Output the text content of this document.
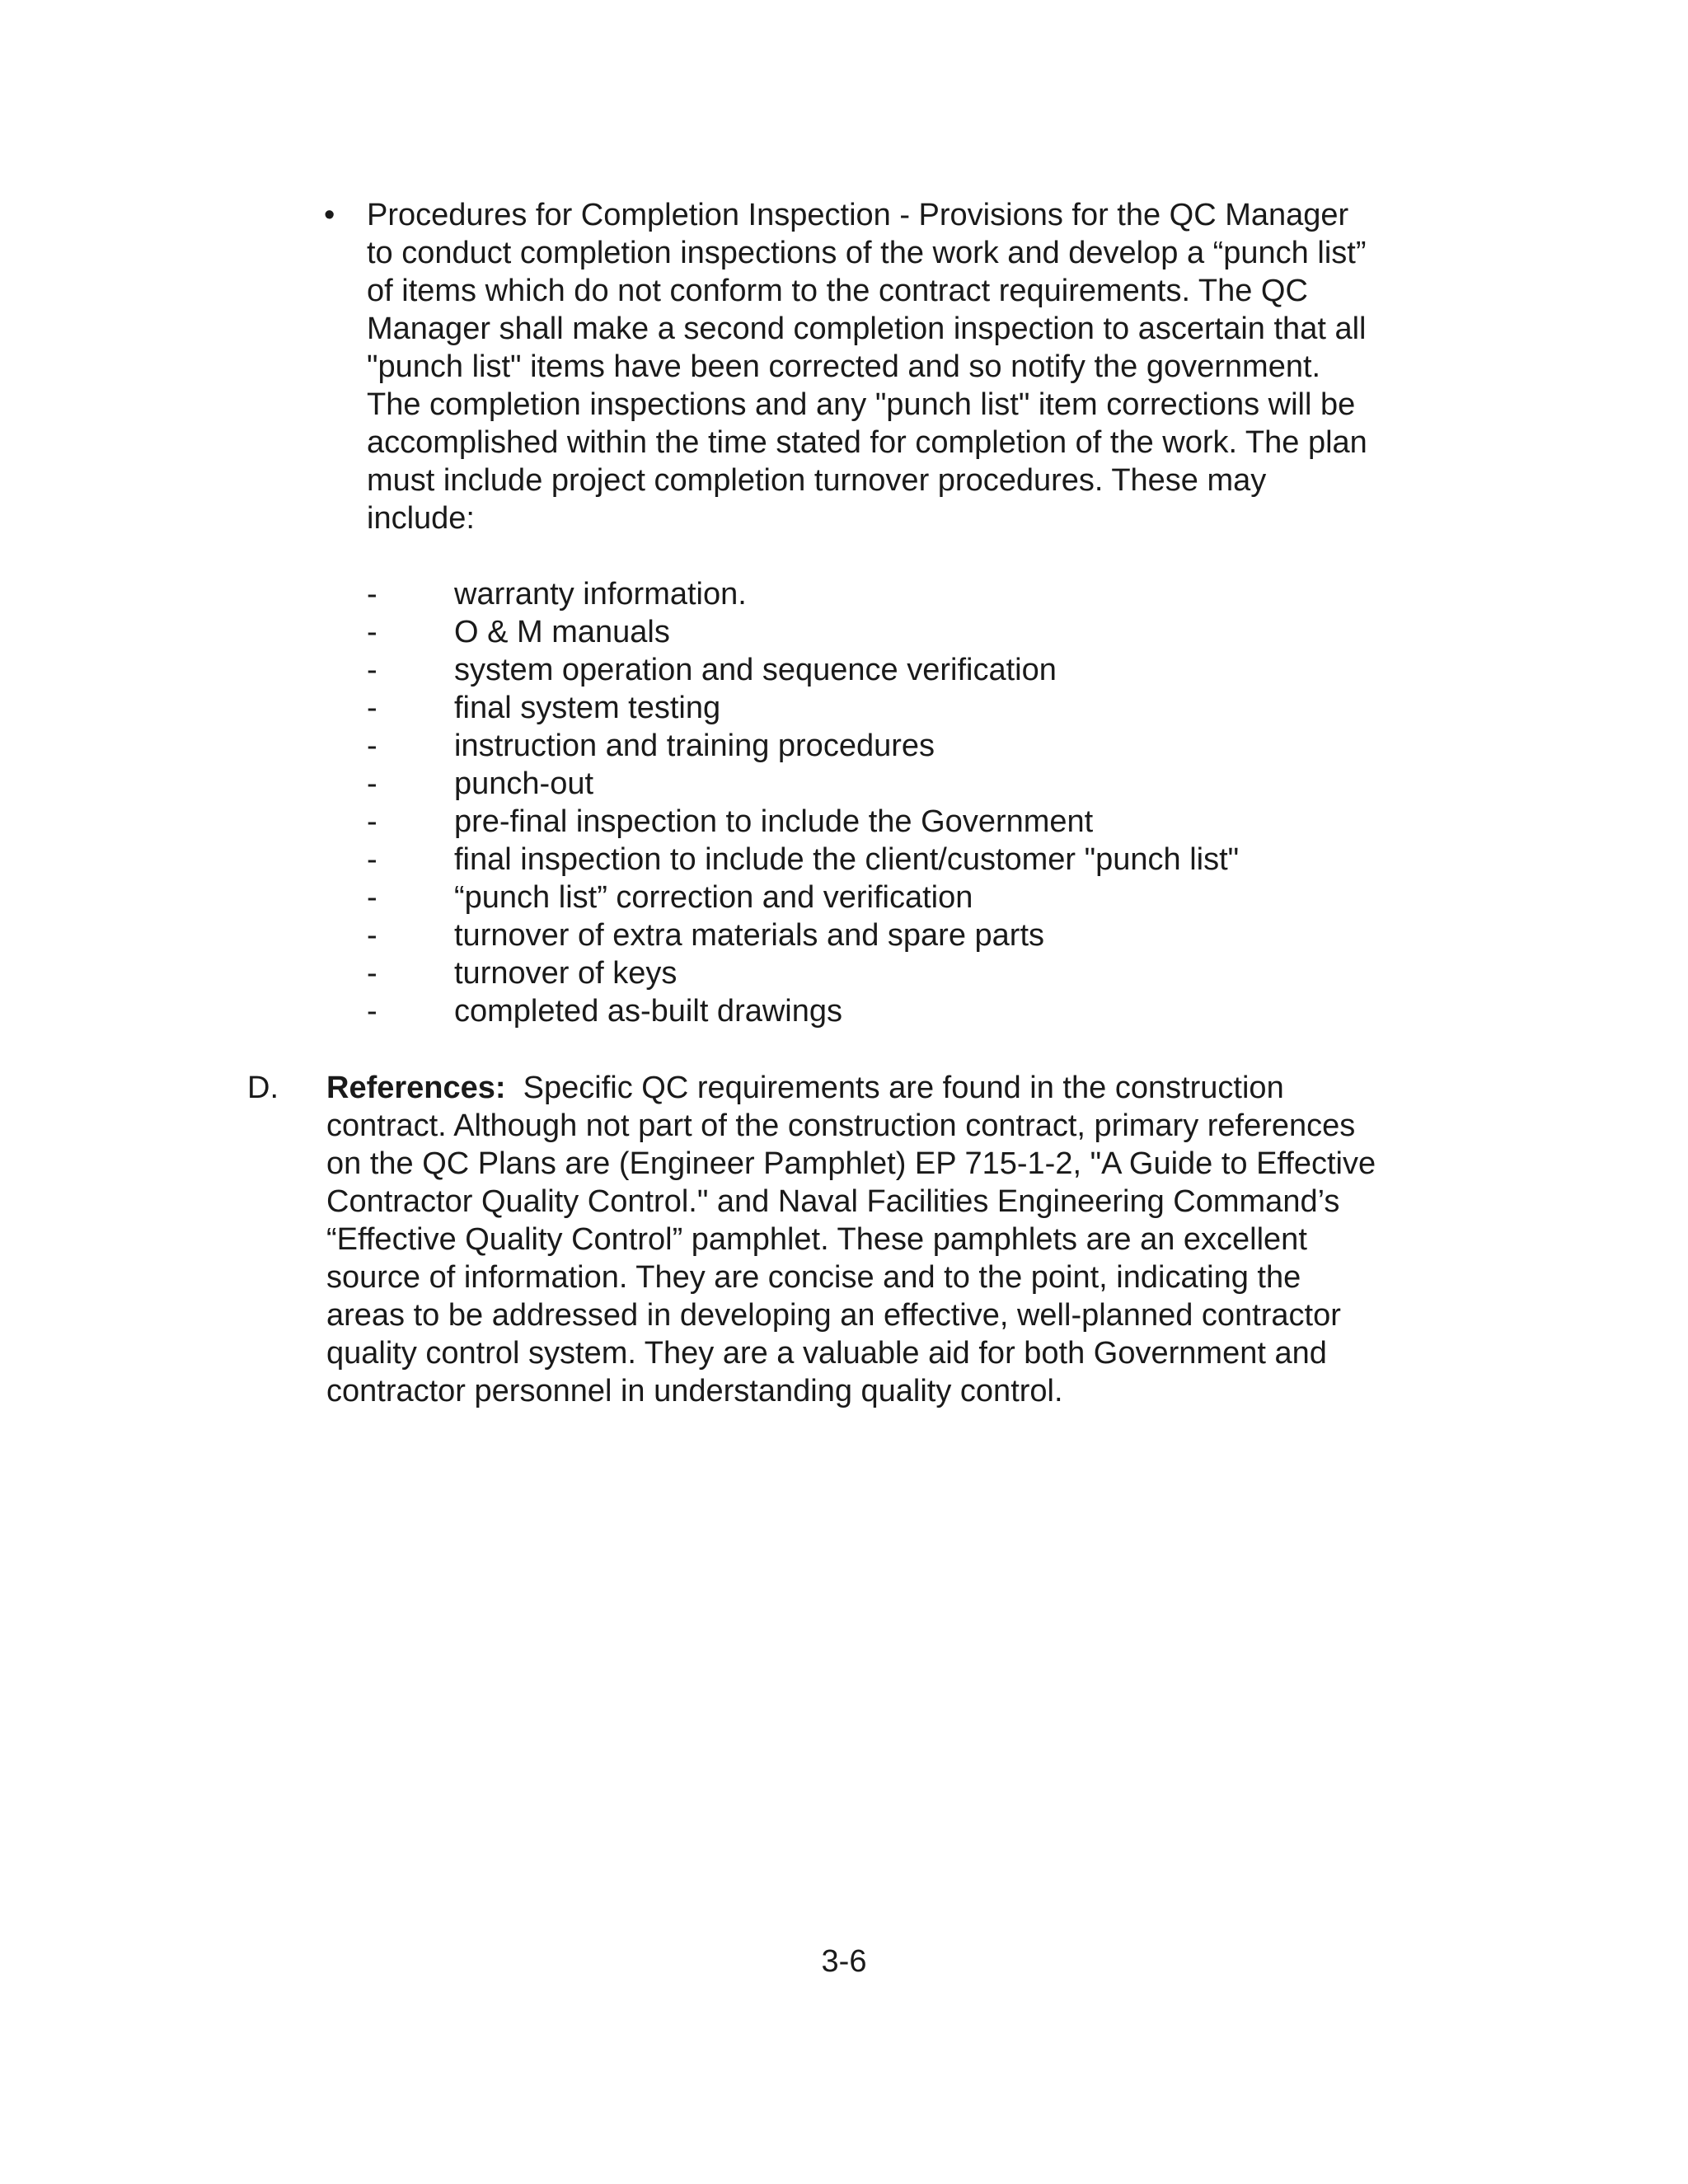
•	Procedures for Completion Inspection - Provisions for the QC Manager
to conduct completion inspections of the work and develop a “punch list”
of items which do not conform to the contract requirements. The QC
Manager shall make a second completion inspection to ascertain that all
"punch list" items have been corrected and so notify the government.
The completion inspections and any "punch list" item corrections will be
accomplished within the time stated for completion of the work. The plan
must include project completion turnover procedures. These may
include:
-	warranty information.
-	O & M manuals
-	system operation and sequence verification
-	final system testing
-	instruction and training procedures
-	punch-out
-	pre-final inspection to include the Government
-	final inspection to include the client/customer "punch list"
-	“punch list” correction and verification
-	turnover of extra materials and spare parts
-	turnover of keys
-	completed as-built drawings
D. References:  Specific QC requirements are found in the construction
contract. Although not part of the construction contract, primary references
on the QC Plans are (Engineer Pamphlet) EP 715-1-2, "A Guide to Effective
Contractor Quality Control." and Naval Facilities Engineering Command’s
“Effective Quality Control” pamphlet. These pamphlets are an excellent
source of information. They are concise and to the point, indicating the
areas to be addressed in developing an effective, well-planned contractor
quality control system. They are a valuable aid for both Government and
contractor personnel in understanding quality control.
3-6
